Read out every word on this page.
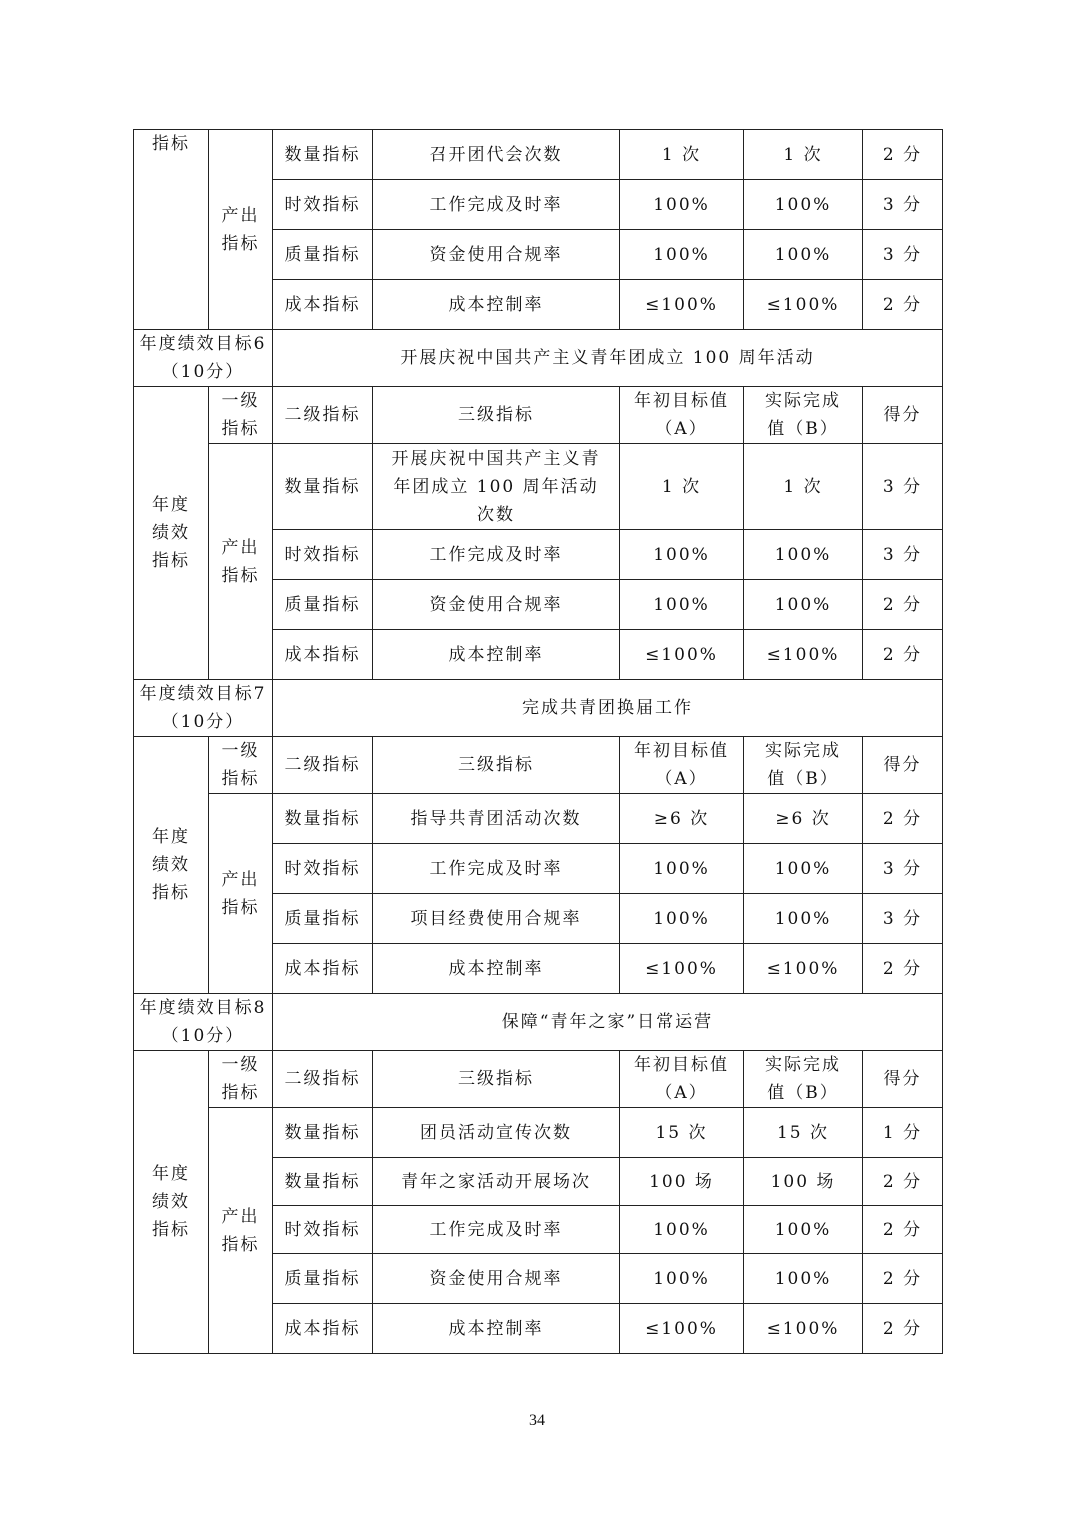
指标	产出指标	数量指标	召开团代会次数	1 次	1 次	2 分
		时效指标	工作完成及时率	100%	100%	3 分
		质量指标	资金使用合规率	100%	100%	3 分
		成本指标	成本控制率	≤100%	≤100%	2 分
年度绩效目标6（10分）		开展庆祝中国共产主义青年团成立 100 周年活动				
年度绩效指标	一级指标	二级指标	三级指标	年初目标值（A）	实际完成值（B）	得分
	产出指标	数量指标	开展庆祝中国共产主义青年团成立 100 周年活动次数	1 次	1 次	3 分
		时效指标	工作完成及时率	100%	100%	3 分
		质量指标	资金使用合规率	100%	100%	2 分
		成本指标	成本控制率	≤100%	≤100%	2 分
年度绩效目标7（10分）		完成共青团换届工作				
年度绩效指标	一级指标	二级指标	三级指标	年初目标值（A）	实际完成值（B）	得分
	产出指标	数量指标	指导共青团活动次数	≥6 次	≥6 次	2 分
		时效指标	工作完成及时率	100%	100%	3 分
		质量指标	项目经费使用合规率	100%	100%	3 分
		成本指标	成本控制率	≤100%	≤100%	2 分
年度绩效目标8（10分）		保障“青年之家”日常运营				
年度绩效指标	一级指标	二级指标	三级指标	年初目标值（A）	实际完成值（B）	得分
	产出指标	数量指标	团员活动宣传次数	15 次	15 次	1 分
		数量指标	青年之家活动开展场次	100 场	100 场	2 分
		时效指标	工作完成及时率	100%	100%	2 分
		质量指标	资金使用合规率	100%	100%	2 分
		成本指标	成本控制率	≤100%	≤100%	2 分
34
